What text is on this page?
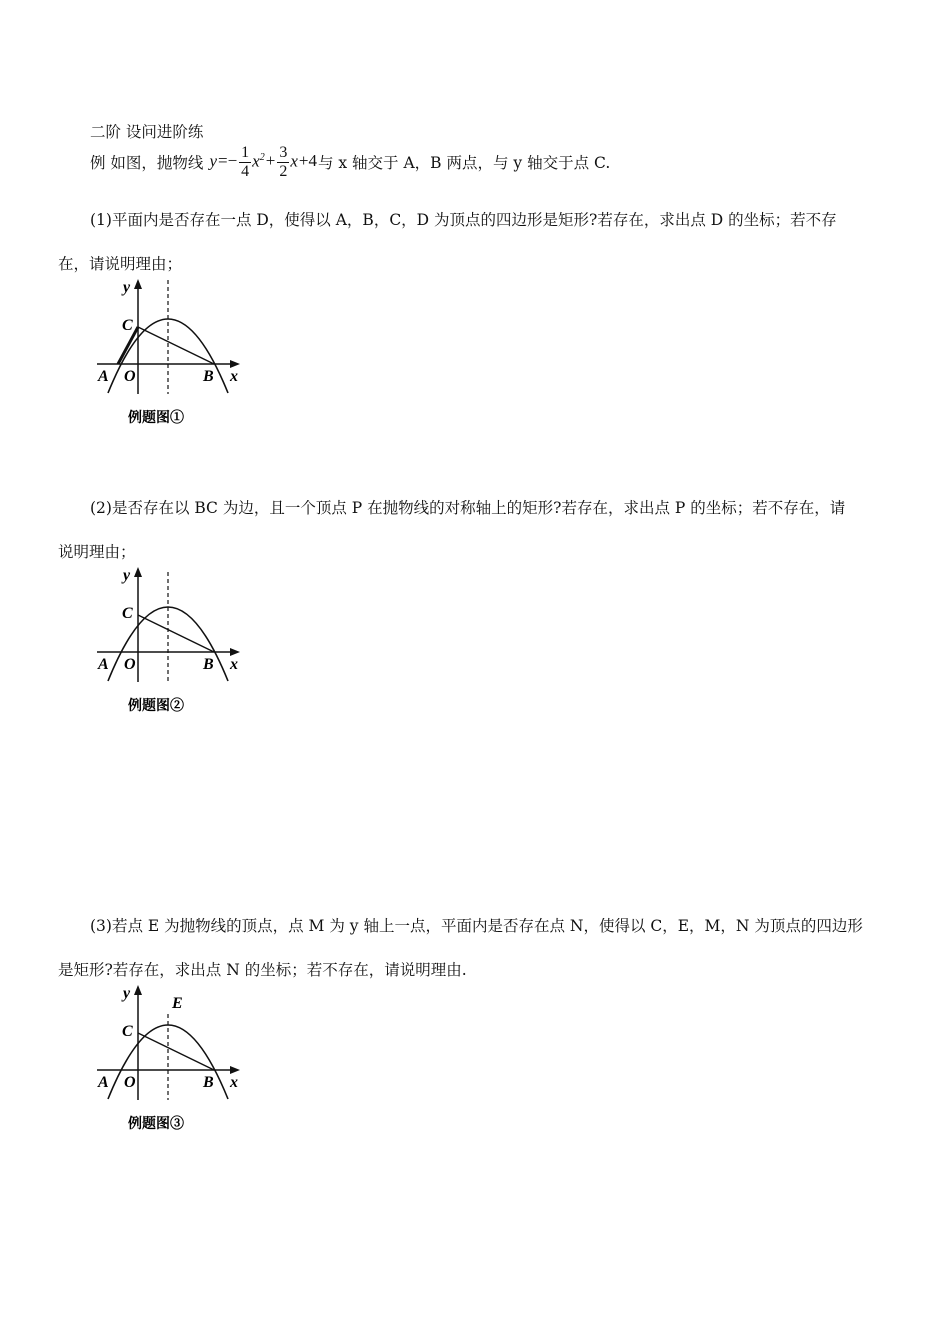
二阶 设问进阶练
例 如图，抛物线 $y=- \frac{1}{4} x^2+ \frac{3}{2} x+4$ 与 x 轴交于 A，B 两点，与 y 轴交于点 C.
(1)平面内是否存在一点 D，使得以 A，B，C，D 为顶点的四边形是矩形?若存在，求出点 D 的坐标；若不存
在，请说明理由；
y
C
A O	B x
例题图①
(2)是否存在以 BC 为边，且一个顶点 P 在抛物线的对称轴上的矩形?若存在，求出点 P 的坐标；若不存在，请
说明理由；
y
C
A O	B x
例题图②
(3)若点 E 为抛物线的顶点，点 M 为 y 轴上一点，平面内是否存在点 N，使得以 C，E，M，N 为顶点的四边形
是矩形?若存在，求出点 N 的坐标；若不存在，请说明理由.
y
E
C
A O	B x
例题图③
